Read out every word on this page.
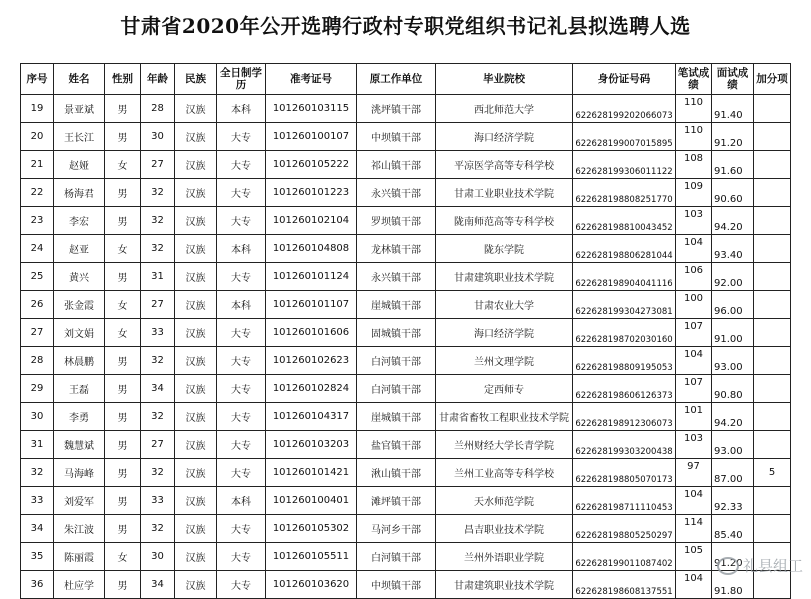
甘肃省2020年公开选聘行政村专职党组织书记礼县拟选聘人选
序号	姓名	性别	年龄	民族	全日制学历	准考证号	原工作单位	毕业院校	身份证号码	笔试成绩	面试成绩	加分项
19	景亚斌	男	28	汉族	本科	101260103115	洮坪镇干部	西北师范大学	622628199202066073	110	91.40	
20	王长江	男	30	汉族	大专	101260100107	中坝镇干部	海口经济学院	622628199007015895	110	91.20	
21	赵娅	女	27	汉族	大专	101260105222	祁山镇干部	平凉医学高等专科学校	622628199306011122	108	91.60	
22	杨海君	男	32	汉族	大专	101260101223	永兴镇干部	甘肃工业职业技术学院	622628198808251770	109	90.60	
23	李宏	男	32	汉族	大专	101260102104	罗坝镇干部	陇南师范高等专科学校	622628198810043452	103	94.20	
24	赵亚	女	32	汉族	本科	101260104808	龙林镇干部	陇东学院	622628198806281044	104	93.40	
25	黄兴	男	31	汉族	大专	101260101124	永兴镇干部	甘肃建筑职业技术学院	622628198904041116	106	92.00	
26	张金霞	女	27	汉族	本科	101260101107	崖城镇干部	甘肃农业大学	622628199304273081	100	96.00	
27	刘文娟	女	33	汉族	大专	101260101606	固城镇干部	海口经济学院	622628198702030160	107	91.00	
28	林晨鹏	男	32	汉族	大专	101260102623	白河镇干部	兰州文理学院	622628198809195053	104	93.00	
29	王磊	男	34	汉族	大专	101260102824	白河镇干部	定西师专	622628198606126373	107	90.80	
30	李勇	男	32	汉族	大专	101260104317	崖城镇干部	甘肃省畜牧工程职业技术学院	622628198912306073	101	94.20	
31	魏慧斌	男	27	汉族	大专	101260103203	盐官镇干部	兰州财经大学长青学院	622628199303200438	103	93.00	
32	马海峰	男	32	汉族	大专	101260101421	湫山镇干部	兰州工业高等专科学校	622628198805070173	97	87.00	5
33	刘爱军	男	33	汉族	本科	101260100401	滩坪镇干部	天水师范学院	622628198711110453	104	92.33	
34	朱江波	男	32	汉族	大专	101260105302	马河乡干部	昌吉职业技术学院	622628198805250297	114	85.40	
35	陈丽霞	女	30	汉族	大专	101260105511	白河镇干部	兰州外语职业学院	622628199011087402	105	91.20	
36	杜应学	男	34	汉族	大专	101260103620	中坝镇干部	甘肃建筑职业技术学院	622628198608137551	104	91.80	
礼县组工
